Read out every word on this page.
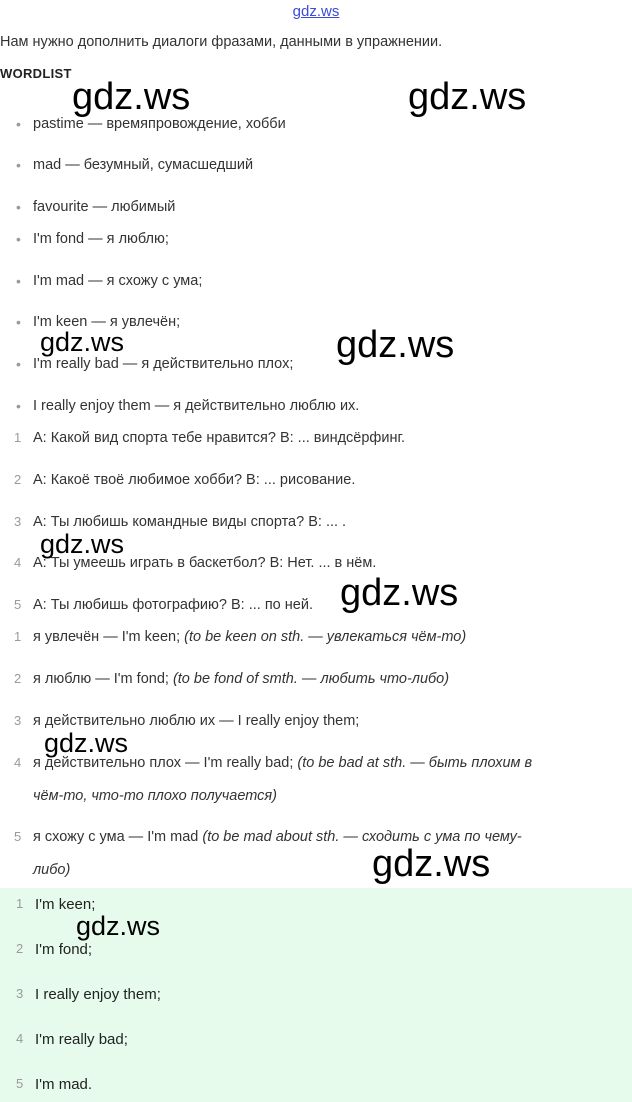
gdz.ws
Нам нужно дополнить диалоги фразами, данными в упражнении.
WORDLIST
• pastime — времяпровождение, хобби
• mad — безумный, сумасшедший
• favourite — любимый
• I'm fond — я люблю;
• I'm mad — я схожу с ума;
• I'm keen — я увлечён;
• I'm really bad — я действительно плох;
• I really enjoy them — я действительно люблю их.
1 A: Какой вид спорта тебе нравится? B: ... виндсёрфинг.
2 A: Какоё твоё любимое хобби? B: ... рисование.
3 A: Ты любишь командные виды спорта? B: ... .
4 A: Ты умеешь играть в баскетбол? B: Нет. ... в нём.
5 A: Ты любишь фотографию? B: ... по ней.
1 я увлечён — I'm keen; (to be keen on sth. — увлекаться чём-то)
2 я люблю — I'm fond; (to be fond of smth. — любить что-либо)
3 я действительно люблю их — I really enjoy them;
4 я действительно плох — I'm really bad; (to be bad at sth. — быть плохим в
чём-то, что-то плохо получается)
5 я схожу с ума — I'm mad (to be mad about sth. — сходить с ума по чему-
либо)
1 I'm keen;
2 I'm fond;
3 I really enjoy them;
4 I'm really bad;
5 I'm mad.
gdz.ws	gdz.ws
gdz.ws	gdz.ws
gdz.ws
gdz.ws
gdz.ws
gdz.ws
gdz.ws
